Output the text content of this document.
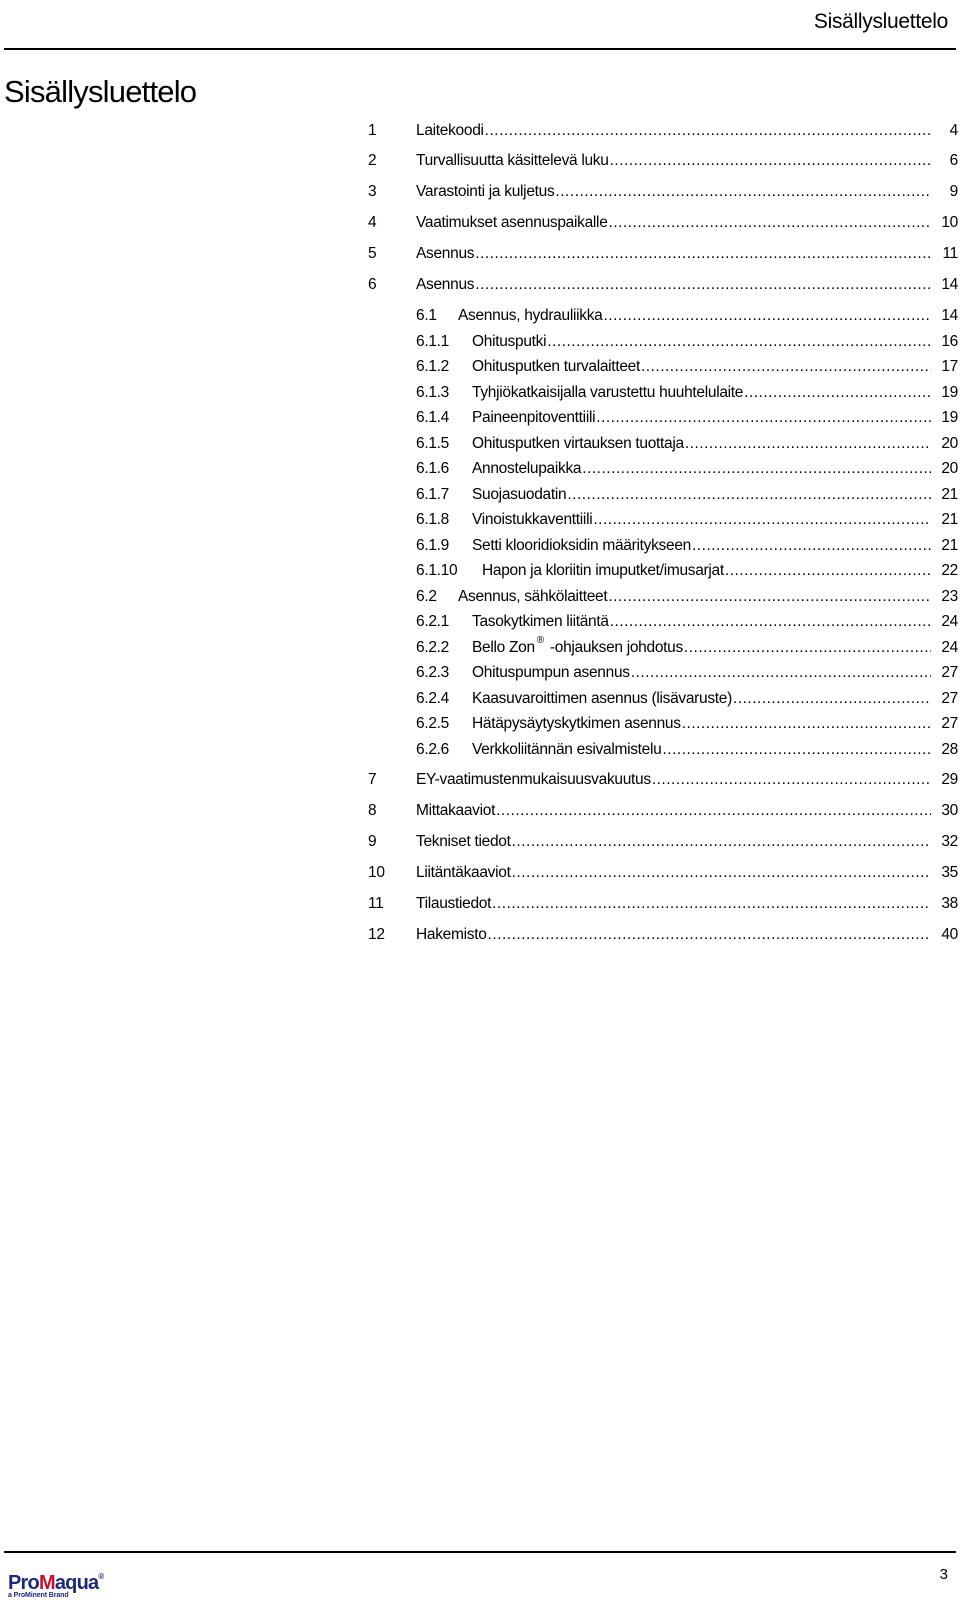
Sisällysluettelo
Sisällysluettelo
1	Laitekoodi .....	4
2	Turvallisuutta käsittelevä luku .....	6
3	Varastointi ja kuljetus .....	9
4	Vaatimukset asennuspaikalle .....	10
5	Asennus .....	11
6	Asennus .....	14
6.1	Asennus, hydrauliikka .....	14
6.1.1	Ohitusputki .....	16
6.1.2	Ohitusputken turvalaitteet .....	17
6.1.3	Tyhjiökatkaisijalla varustettu huuhtelulaite .....	19
6.1.4	Paineenpitoventtiili .....	19
6.1.5	Ohitusputken virtauksen tuottaja .....	20
6.1.6	Annostelupaikka .....	20
6.1.7	Suojasuodatin .....	21
6.1.8	Vinoistukkaventtiili .....	21
6.1.9	Setti klooridioksidin määritykseen .....	21
6.1.10	Hapon ja kloriitin imuputket/imusarjat .....	22
6.2	Asennus, sähkölaitteet .....	23
6.2.1	Tasokytkimen liitäntä .....	24
6.2.2	Bello Zon ® -ohjauksen johdotus .....	24
6.2.3	Ohituspumpun asennus .....	27
6.2.4	Kaasuvaroittimen asennus (lisävaruste) .....	27
6.2.5	Hätäpysäytyskytkimen asennus .....	27
6.2.6	Verkkoliitännän esivalmistelu .....	28
7	EY-vaatimustenmukaisuusvakuutus .....	29
8	Mittakaaviot .....	30
9	Tekniset tiedot .....	32
10	Liitäntäkaaviot .....	35
11	Tilaustiedot .....	38
12	Hakemisto .....	40
ProMaqua®
a ProMinent Brand
3
